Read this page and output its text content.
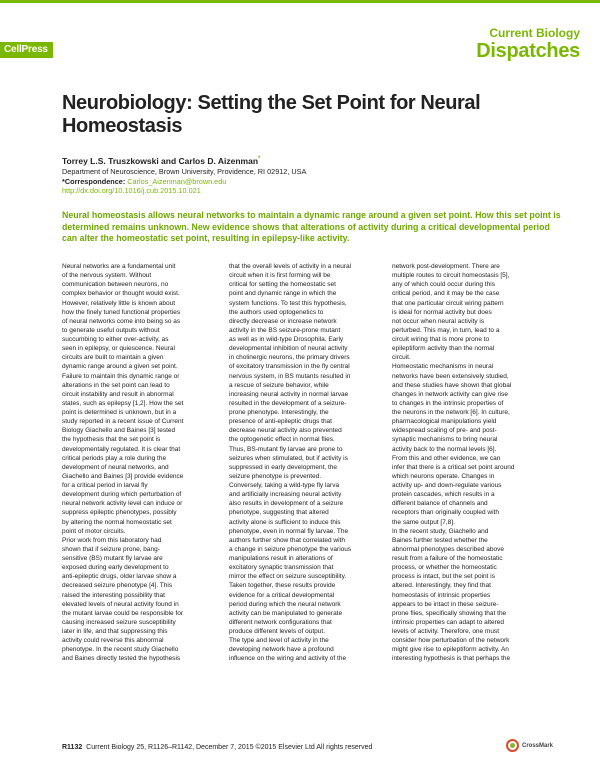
CellPress
Current Biology
Dispatches
Neurobiology: Setting the Set Point for Neural Homeostasis
Torrey L.S. Truszkowski and Carlos D. Aizenman*
Department of Neuroscience, Brown University, Providence, RI 02912, USA
*Correspondence: Carlos_Aizenman@brown.edu
http://dx.doi.org/10.1016/j.cub.2015.10.021
Neural homeostasis allows neural networks to maintain a dynamic range around a given set point. How this set point is determined remains unknown. New evidence shows that alterations of activity during a critical developmental period can alter the homeostatic set point, resulting in epilepsy-like activity.

Neural networks are a fundamental unit
of the nervous system. Without
communication between neurons, no
complex behavior or thought would exist.
However, relatively little is known about
how the finely tuned functional properties
of neural networks come into being so as
to generate useful outputs without
succumbing to either over-activity, as
seen in epilepsy, or quiescence. Neural
circuits are built to maintain a given
dynamic range around a given set point.
Failure to maintain this dynamic range or
alterations in the set point can lead to
circuit instability and result in abnormal
states, such as epilepsy [1,2]. How the set
point is determined is unknown, but in a
study reported in a recent issue of Current
Biology Giachello and Baines [3] tested
the hypothesis that the set point is
developmentally regulated. It is clear that
critical periods play a role during the
development of neural networks, and
Giachello and Baines [3] provide evidence
for a critical period in larval fly
development during which perturbation of
neural network activity level can induce or
suppress epileptic phenotypes, possibly
by altering the normal homeostatic set
point of motor circuits.
Prior work from this laboratory had
shown that if seizure prone, bang-
sensitive (BS) mutant fly larvae are
exposed during early development to
anti-epileptic drugs, older larvae show a
decreased seizure phenotype [4]. This
raised the interesting possibility that
elevated levels of neural activity found in
the mutant larvae could be responsible for
causing increased seizure susceptibility
later in life, and that suppressing this
activity could reverse this abnormal
phenotype. In the recent study Giachello
and Baines directly tested the hypothesis

that the overall levels of activity in a neural
circuit when it is first forming will be
critical for setting the homeostatic set
point and dynamic range in which the
system functions. To test this hypothesis,
the authors used optogenetics to
directly decrease or increase network
activity in the BS seizure-prone mutant
as well as in wild-type Drosophila. Early
developmental inhibition of neural activity
in cholinergic neurons, the primary drivers
of excitatory transmission in the fly central
nervous system, in BS mutants resulted in
a rescue of seizure behavior, while
increasing neural activity in normal larvae
resulted in the development of a seizure-
prone phenotype. Interestingly, the
presence of anti-epileptic drugs that
decrease neural activity also prevented
the optogenetic effect in normal flies.
Thus, BS-mutant fly larvae are prone to
seizures when stimulated, but if activity is
suppressed in early development, the
seizure phenotype is prevented.
Conversely, taking a wild-type fly larva
and artificially increasing neural activity
also results in development of a seizure
phenotype, suggesting that altered
activity alone is sufficient to induce this
phenotype, even in normal fly larvae. The
authors further show that correlated with
a change in seizure phenotype the various
manipulations result in alterations of
excitatory synaptic transmission that
mirror the effect on seizure susceptibility.
Taken together, these results provide
evidence for a critical developmental
period during which the neural network
activity can be manipulated to generate
different network configurations that
produce different levels of output.
The type and level of activity in the
developing network have a profound
influence on the wiring and activity of the

network post-development. There are
multiple routes to circuit homeostasis [5],
any of which could occur during this
critical period, and it may be the case
that one particular circuit wiring pattern
is ideal for normal activity but does
not occur when neural activity is
perturbed. This may, in turn, lead to a
circuit wiring that is more prone to
epileptiform activity than the normal
circuit.
Homeostatic mechanisms in neural
networks have been extensively studied,
and these studies have shown that global
changes in network activity can give rise
to changes in the intrinsic properties of
the neurons in the network [6]. In culture,
pharmacological manipulations yield
widespread scaling of pre- and post-
synaptic mechanisms to bring neural
activity back to the normal levels [6].
From this and other evidence, we can
infer that there is a critical set point around
which neurons operate. Changes in
activity up- and down-regulate various
protein cascades, which results in a
different balance of channels and
receptors than originally coupled with
the same output [7,8].
In the recent study, Giachello and
Baines further tested whether the
abnormal phenotypes described above
result from a failure of the homeostatic
process, or whether the homeostatic
process is intact, but the set point is
altered. Interestingly, they find that
homeostasis of intrinsic properties
appears to be intact in these seizure-
prone flies, specifically showing that the
intrinsic properties can adapt to altered
levels of activity. Therefore, one must
consider how perturbation of the network
might give rise to epileptiform activity. An
interesting hypothesis is that perhaps the

R1132 Current Biology 25, R1126–R1142, December 7, 2015 ©2015 Elsevier Ltd All rights reserved	CrossMark
